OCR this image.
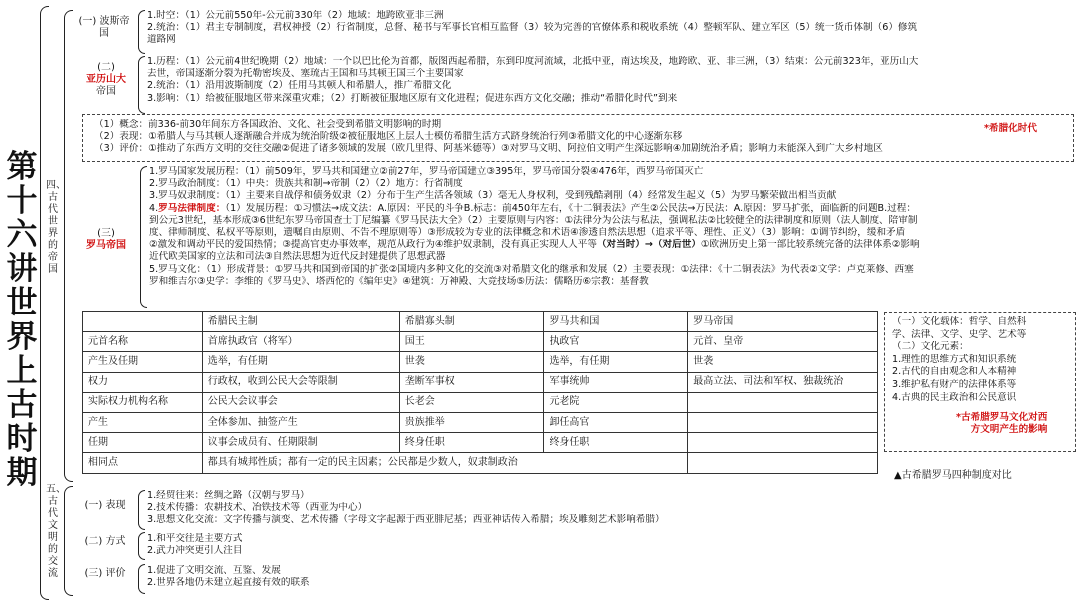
第十六讲 世界上古时期
四、古代世界的帝国
(一) 波斯帝国
1.时空：（1）公元前550年-公元前330年（2）地域：地跨欧亚非三洲
2.统治：（1）君主专制制度，君权神授（2）行省制度，总督、秘书与军事长官相互监督（3）较为完善的官僚体系和税收系统（4）整顿军队、建立军区（5）统一货币体制（6）修筑
道路网
(二)
亚历山大
帝国
1.历程：（1）公元前4世纪晚期（2）地域：一个以巴比伦为首都，版图西起希腊，东到印度河流域，北抵中亚，南达埃及，地跨欧、亚、非三洲，（3）结束：公元前323年，亚历山大
去世，帝国逐渐分裂为托勒密埃及、塞琉古王国和马其顿王国三个主要国家
2.统治：（1）沿用波斯制度（2）任用马其顿人和希腊人，推广希腊文化
3.影响：（1）给被征服地区带来深重灾难；（2）打断被征服地区原有文化进程；促进东西方文化交融；推动“希腊化时代”到来
*希腊化时代
（1）概念：前336-前30年间东方各国政治、文化、社会受到希腊文明影响的时期
（2）表现：①希腊人与马其顿人逐渐融合并成为统治阶级②被征服地区上层人士模仿希腊生活方式跻身统治行列③希腊文化的中心逐渐东移
（3）评价：①推动了东西方文明的交往交融②促进了诸多领域的发展（欧几里得、阿基米德等）③对罗马文明、阿拉伯文明产生深远影响④加剧统治矛盾；影响力未能深入到广大乡村地区
(三)
罗马帝国
1.罗马国家发展历程：（1）前509年，罗马共和国建立②前27年，罗马帝国建立③395年，罗马帝国分裂④476年，西罗马帝国灭亡
2.罗马政治制度：（1）中央：贵族共和制→帝制（2）（2）地方：行省制度
3.罗马奴隶制度：（1）主要来自战俘和债务奴隶（2）分布于生产生活各领域（3）毫无人身权利，受到残酷剥削（4）经常发生起义（5）为罗马繁荣做出相当贡献
4.罗马法律制度：（1）发展历程：①习惯法→成文法：A.原因：平民的斗争B.标志：前450年左右，《十二铜表法》产生②公民法→万民法：A.原因：罗马扩张，面临新的问题B.过程：
到公元3世纪，基本形成③6世纪东罗马帝国查士丁尼编纂《罗马民法大全》（2）主要原则与内容：①法律分为公法与私法，强调私法②比较健全的法律制度和原则（法人制度、陪审制
度、律师制度、私权平等原则，遗嘱自由原则、不告不理原则等）③形成较为专业的法律概念和术语④渗透自然法思想（追求平等、理性、正义）（3）影响：①调节纠纷，缓和矛盾
②激发和调动平民的爱国热情；③提高官吏办事效率，规范从政行为④维护奴隶制，没有真正实现人人平等（对当时）→（对后世）①欧洲历史上第一部比较系统完备的法律体系②影响
近代欧美国家的立法和司法③自然法思想为近代反封建提供了思想武器
5.罗马文化：（1）形成背景：①罗马共和国到帝国的扩张②国境内多种文化的交流③对希腊文化的继承和发展（2）主要表现：①法律：《十二铜表法》为代表②文学：卢克莱修、西塞
罗和维吉尔③史学：李维的《罗马史》、塔西佗的《编年史》④建筑：万神殿、大竞技场⑤历法：儒略历⑥宗教：基督教
	希腊民主制	希腊寡头制	罗马共和国	罗马帝国
元首名称	首席执政官（将军）	国王	执政官	元首、皇帝
产生及任期	选举，有任期	世袭	选举，有任期	世袭
权力	行政权，收到公民大会等限制	垄断军事权	军事统帅	最高立法、司法和军权、独裁统治
实际权力机构名称	公民大会议事会	长老会	元老院	
产生	全体参加、抽签产生	贵族推举	卸任高官	
任期	议事会成员有、任期限制	终身任职	终身任职	
相同点	都具有城邦性质；都有一定的民主因素；公民都是少数人，奴隶制政治			
▲古希腊罗马四种制度对比
（一）文化载体：哲学、自然科
学、法律、文学、史学、艺术等
（二）文化元素：
1.理性的思维方式和知识系统
2.古代的自由观念和人本精神
3.维护私有财产的法律体系等
4.古典的民主政治和公民意识
*古希腊罗马文化对西
方文明产生的影响
五、古代文明的交流
(一) 表现
1.经贸往来：丝绸之路（汉朝与罗马）
2.技术传播：农耕技术、冶铁技术等（西亚为中心）
3.思想文化交流：文字传播与演变、艺术传播（字母文字起源于西亚腓尼基；西亚神话传入希腊；埃及雕刻艺术影响希腊）
(二) 方式	1.和平交往是主要方式
2.武力冲突更引人注目
(三) 评价	1.促进了文明交流、互鉴、发展
2.世界各地仍未建立起直接有效的联系
